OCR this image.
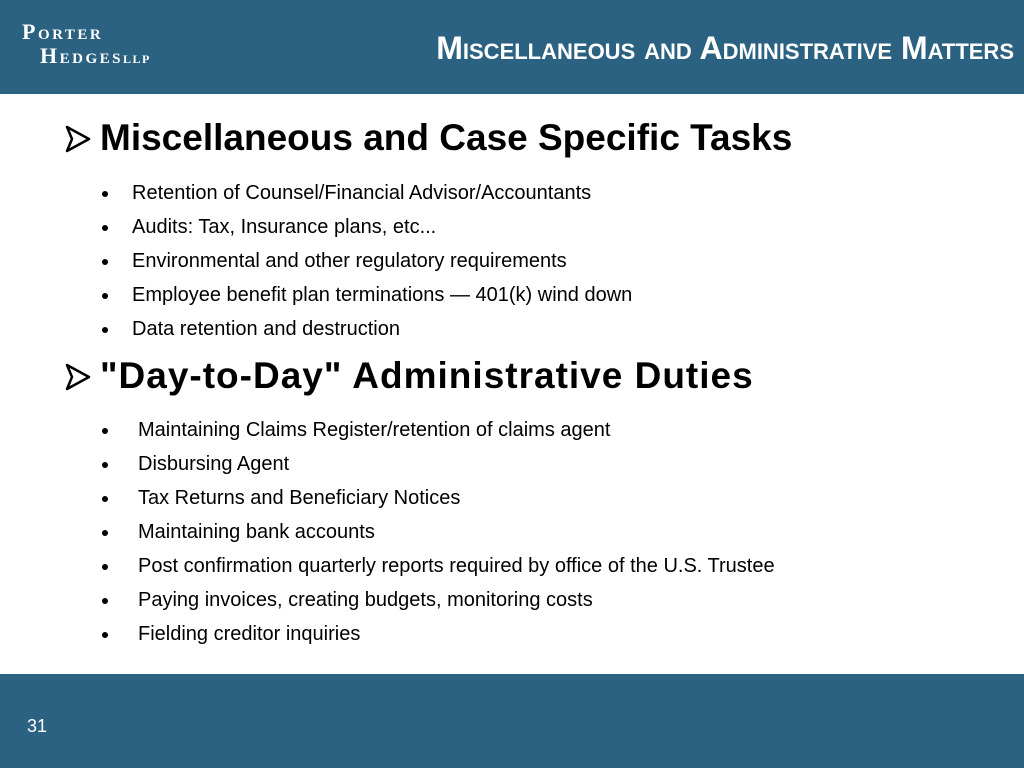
Porter
HedgesLLP	Miscellaneous and Administrative Matters
Miscellaneous and Case Specific Tasks
Retention of Counsel/Financial Advisor/Accountants
Audits: Tax, Insurance plans, etc...
Environmental and other regulatory requirements
Employee benefit plan terminations — 401(k) wind down
Data retention and destruction
"Day-to-Day" Administrative Duties
Maintaining Claims Register/retention of claims agent
Disbursing Agent
Tax Returns and Beneficiary Notices
Maintaining bank accounts
Post confirmation quarterly reports required by office of the U.S. Trustee
Paying invoices, creating budgets, monitoring costs
Fielding creditor inquiries
31
